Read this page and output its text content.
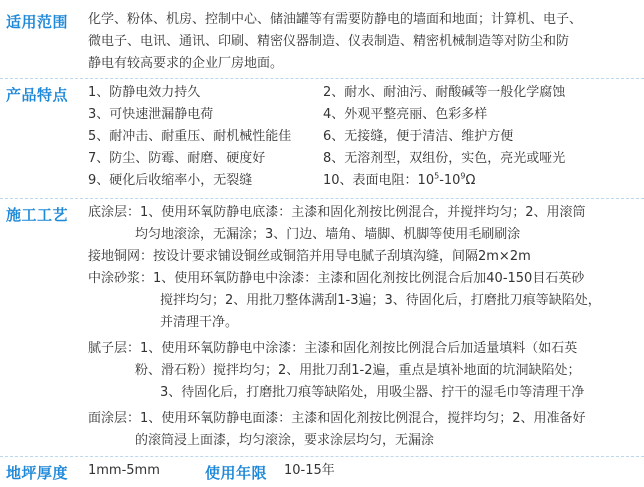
适用范围 化学、粉体、机房、控制中心、储油罐等有需要防静电的墙面和地面；计算机、电子、
微电子、电讯、通讯、印刷、精密仪器制造、仪表制造、精密机械制造等对防尘和防
静电有较高要求的企业厂房地面。
产品特点 1、防静电效力持久	2、耐水、耐油污、耐酸碱等一般化学腐蚀
3、可快速泄漏静电荷	4、外观平整亮丽、色彩多样
5、耐冲击、耐重压、耐机械性能佳 6、无接缝，便于清洁、维护方便
7、防尘、防霉、耐磨、硬度好	8、无溶剂型，双组份，实色，亮光或哑光
9、硬化后收缩率小，无裂缝	10、表面电阻：$10^5-10^9\Omega$
施工工艺 底涂层：1、使用环氧防静电底漆：主漆和固化剂按比例混合，并搅拌均匀；2、用滚筒
均匀地滚涂，无漏涂；3、门边、墙角、墙脚、机脚等使用毛刷刷涂
接地铜网：按设计要求铺设铜丝或铜箔并用导电腻子刮填沟缝，间隔2m×2m
中涂砂浆：1、使用环氧防静电中涂漆：主漆和固化剂按比例混合后加40-150目石英砂
搅拌均匀；2、用批刀整体满刮1-3遍；3、待固化后，打磨批刀痕等缺陷处，
并清理干净。
腻子层：1、使用环氧防静电中涂漆：主漆和固化剂按比例混合后加适量填料（如石英
粉、滑石粉）搅拌均匀；2、用批刀刮1-2遍，重点是填补地面的坑洞缺陷处；
3、待固化后，打磨批刀痕等缺陷处，用吸尘器、拧干的湿毛巾等清理干净
面涂层：1、使用环氧防静电面漆：主漆和固化剂按比例混合，搅拌均匀；2、用准备好
的滚筒浸上面漆，均匀滚涂，要求涂层均匀，无漏涂
地坪厚度 1mm-5mm	使用年限 10-15年
